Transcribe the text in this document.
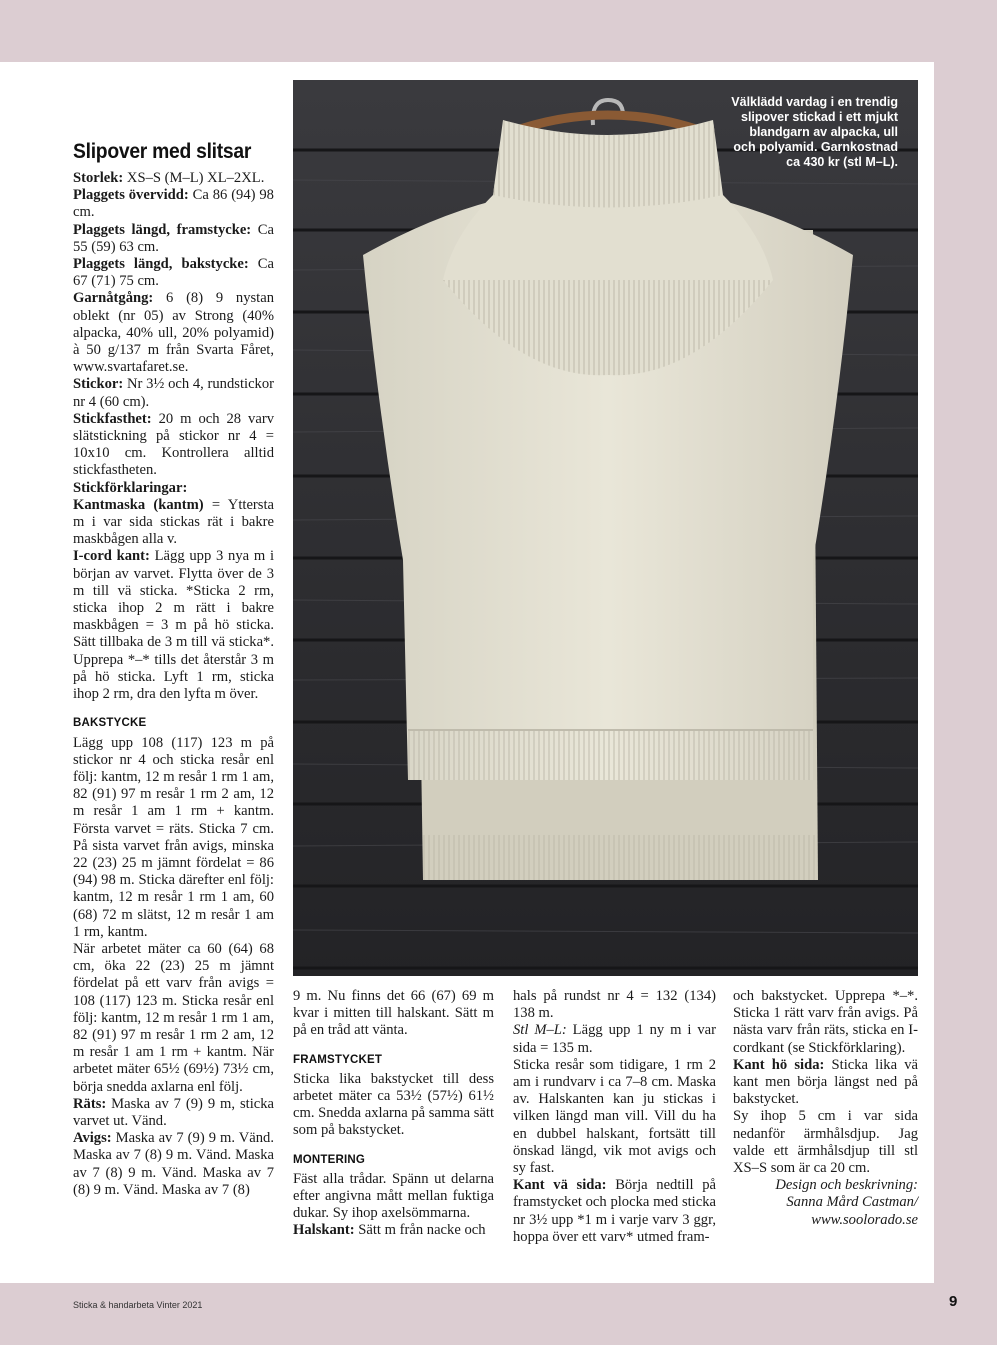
Slipover med slitsar

Storlek: XS–S (M–L) XL–2XL.

Plaggets övervidd: Ca 86 (94) 98 cm.

Plaggets längd, framstycke: Ca 55 (59) 63 cm.

Plaggets längd, bakstycke: Ca 67 (71) 75 cm.

Garnåtgång: 6 (8) 9 nystan oblekt (nr 05) av Strong (40% alpacka, 40% ull, 20% polyamid) à 50 g/137 m från Svarta Fåret, www.svartafaret.se.

Stickor: Nr 3½ och 4, rundstickor nr 4 (60 cm).

Stickfasthet: 20 m och 28 varv slätstickning på stickor nr 4 = 10x10 cm. Kontrollera alltid stickfastheten.

Stickförklaringar:

Kantmaska (kantm) = Yttersta m i var sida stickas rät i bakre maskbågen alla v.

I-cord kant: Lägg upp 3 nya m i början av varvet. Flytta över de 3 m till vä sticka. *Sticka 2 rm, sticka ihop 2 m rätt i bakre maskbågen = 3 m på hö sticka. Sätt tillbaka de 3 m till vä sticka*. Upprepa *–* tills det återstår 3 m på hö sticka. Lyft 1 rm, sticka ihop 2 rm, dra den lyfta m över.

BAKSTYCKE

Lägg upp 108 (117) 123 m på stickor nr 4 och sticka resår enl följ: kantm, 12 m resår 1 rm 1 am, 82 (91) 97 m resår 1 rm 2 am, 12 m resår 1 am 1 rm + kantm. Första varvet = räts. Sticka 7 cm. På sista varvet från avigs, minska 22 (23) 25 m jämnt fördelat = 86 (94) 98 m. Sticka därefter enl följ: kantm, 12 m resår 1 rm 1 am, 60 (68) 72 m slätst, 12 m resår 1 am 1 rm, kantm.

När arbetet mäter ca 60 (64) 68 cm, öka 22 (23) 25 m jämnt fördelat på ett varv från avigs = 108 (117) 123 m. Sticka resår enl följ: kantm, 12 m resår 1 rm 1 am, 82 (91) 97 m resår 1 rm 2 am, 12 m resår 1 am 1 rm + kantm. När arbetet mäter 65½ (69½) 73½ cm, börja snedda axlarna enl följ.

Räts: Maska av 7 (9) 9 m, sticka varvet ut. Vänd.

Avigs: Maska av 7 (9) 9 m. Vänd. Maska av 7 (8) 9 m. Vänd. Maska av 7 (8) 9 m. Vänd. Maska av 7 (8) 9 m. Vänd. Maska av 7 (8)

Välklädd vardag i en trendig slipover stickad i ett mjukt blandgarn av alpacka, ull och polyamid. Garnkostnad ca 430 kr (stl M–L).

9 m. Nu finns det 66 (67) 69 m kvar i mitten till halskant. Sätt m på en tråd att vänta.

FRAMSTYCKET

Sticka lika bakstycket till dess arbetet mäter ca 53½ (57½) 61½ cm. Snedda axlarna på samma sätt som på bakstycket.

MONTERING

Fäst alla trådar. Spänn ut delarna efter angivna mått mellan fuktiga dukar. Sy ihop axelsömmarna.

Halskant: Sätt m från nacke och

hals på rundst nr 4 = 132 (134) 138 m.

Stl M–L: Lägg upp 1 ny m i var sida = 135 m.

Sticka resår som tidigare, 1 rm 2 am i rundvarv i ca 7–8 cm. Maska av. Halskanten kan ju stickas i vilken längd man vill. Vill du ha en dubbel halskant, fortsätt till önskad längd, vik mot avigs och sy fast.

Kant vä sida: Börja nedtill på framstycket och plocka med sticka nr 3½ upp *1 m i varje varv 3 ggr, hoppa över ett varv* utmed fram-

och bakstycket. Upprepa *–*. Sticka 1 rätt varv från avigs. På nästa varv från räts, sticka en I-cordkant (se Stickförklaring).

Kant hö sida: Sticka lika vä kant men börja längst ned på bakstycket.

Sy ihop 5 cm i var sida nedanför ärmhålsdjup. Jag valde ett ärmhålsdjup till stl XS–S som är ca 20 cm.

Design och beskrivning:

Sanna Mård Castman/

www.soolorado.se

Sticka & handarbeta Vinter 2021	9
